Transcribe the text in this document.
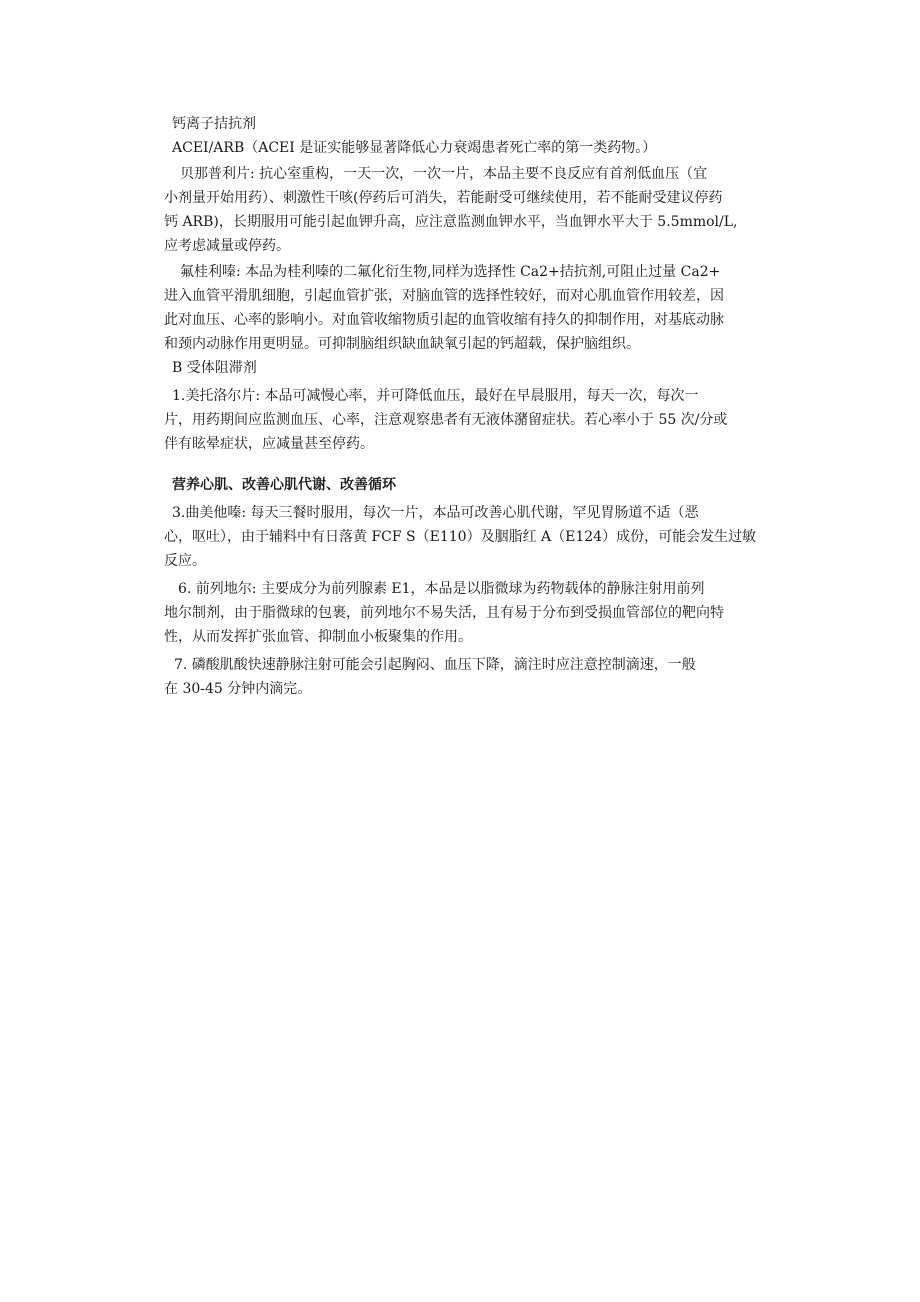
钙离子拮抗剂

ACEI/ARB（ACEI 是证实能够显著降低心力衰竭患者死亡率的第一类药物。）

贝那普利片: 抗心室重构，一天一次，一次一片，本品主要不良反应有首剂低血压（宜

小剂量开始用药）、刺激性干咳(停药后可消失，若能耐受可继续使用，若不能耐受建议停药

钙 ARB)，长期服用可能引起血钾升高，应注意监测血钾水平，当血钾水平大于 5.5mmol/L,

应考虑减量或停药。

氟桂利嗪: 本品为桂利嗪的二氟化衍生物,同样为选择性 Ca2+拮抗剂,可阻止过量 Ca2+

进入血管平滑肌细胞，引起血管扩张，对脑血管的选择性较好，而对心肌血管作用较差，因

此对血压、心率的影响小。对血管收缩物质引起的血管收缩有持久的抑制作用，对基底动脉

和颈内动脉作用更明显。可抑制脑组织缺血缺氧引起的钙超载，保护脑组织。

B 受体阻滞剂

1.美托洛尔片: 本品可减慢心率，并可降低血压，最好在早晨服用，每天一次，每次一

片，用药期间应监测血压、心率，注意观察患者有无液体潴留症状。若心率小于 55 次/分或

伴有眩晕症状，应减量甚至停药。

营养心肌、改善心肌代谢、改善循环

3.曲美他嗪: 每天三餐时服用，每次一片，本品可改善心肌代谢，罕见胃肠道不适（恶

心，呕吐），由于辅料中有日落黄 FCF S（E110）及胭脂红 A（E124）成份，可能会发生过敏

反应。

6. 前列地尔: 主要成分为前列腺素 E1，本品是以脂微球为药物载体的静脉注射用前列

地尔制剂，由于脂微球的包裹，前列地尔不易失活，且有易于分布到受损血管部位的靶向特

性，从而发挥扩张血管、抑制血小板聚集的作用。

7. 磷酸肌酸快速静脉注射可能会引起胸闷、血压下降，滴注时应注意控制滴速，一般

在 30-45 分钟内滴完。
